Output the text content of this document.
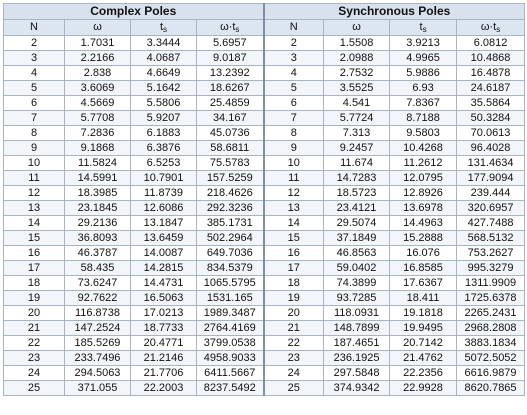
Complex Poles				Synchronous Poles			
N	ω	$t_s$	$\omega\cdot t_s$	N	ω	$t_s$	$\omega\cdot t_s$
2	1.7031	3.3444	5.6957	2	1.5508	3.9213	6.0812
3	2.2166	4.0687	9.0187	3	2.0988	4.9965	10.4868
4	2.838	4.6649	13.2392	4	2.7532	5.9886	16.4878
5	3.6069	5.1642	18.6267	5	3.5525	6.93	24.6187
6	4.5669	5.5806	25.4859	6	4.541	7.8367	35.5864
7	5.7708	5.9207	34.167	7	5.7724	8.7188	50.3284
8	7.2836	6.1883	45.0736	8	7.313	9.5803	70.0613
9	9.1868	6.3876	58.6811	9	9.2457	10.4268	96.4028
10	11.5824	6.5253	75.5783	10	11.674	11.2612	131.4634
11	14.5991	10.7901	157.5259	11	14.7283	12.0795	177.9094
12	18.3985	11.8739	218.4626	12	18.5723	12.8926	239.444
13	23.1845	12.6086	292.3236	13	23.4121	13.6978	320.6957
14	29.2136	13.1847	385.1731	14	29.5074	14.4963	427.7488
15	36.8093	13.6459	502.2964	15	37.1849	15.2888	568.5132
16	46.3787	14.0087	649.7036	16	46.8563	16.076	753.2627
17	58.435	14.2815	834.5379	17	59.0402	16.8585	995.3279
18	73.6247	14.4731	1065.5795	18	74.3899	17.6367	1311.9909
19	92.7622	16.5063	1531.165	19	93.7285	18.411	1725.6378
20	116.8738	17.0213	1989.3487	20	118.0931	19.1818	2265.2431
21	147.2524	18.7733	2764.4169	21	148.7899	19.9495	2968.2808
22	185.5269	20.4771	3799.0538	22	187.4651	20.7142	3883.1834
23	233.7496	21.2146	4958.9033	23	236.1925	21.4762	5072.5052
24	294.5063	21.7706	6411.5667	24	297.5848	22.2356	6616.9879
25	371.055	22.2003	8237.5492	25	374.9342	22.9928	8620.7865
